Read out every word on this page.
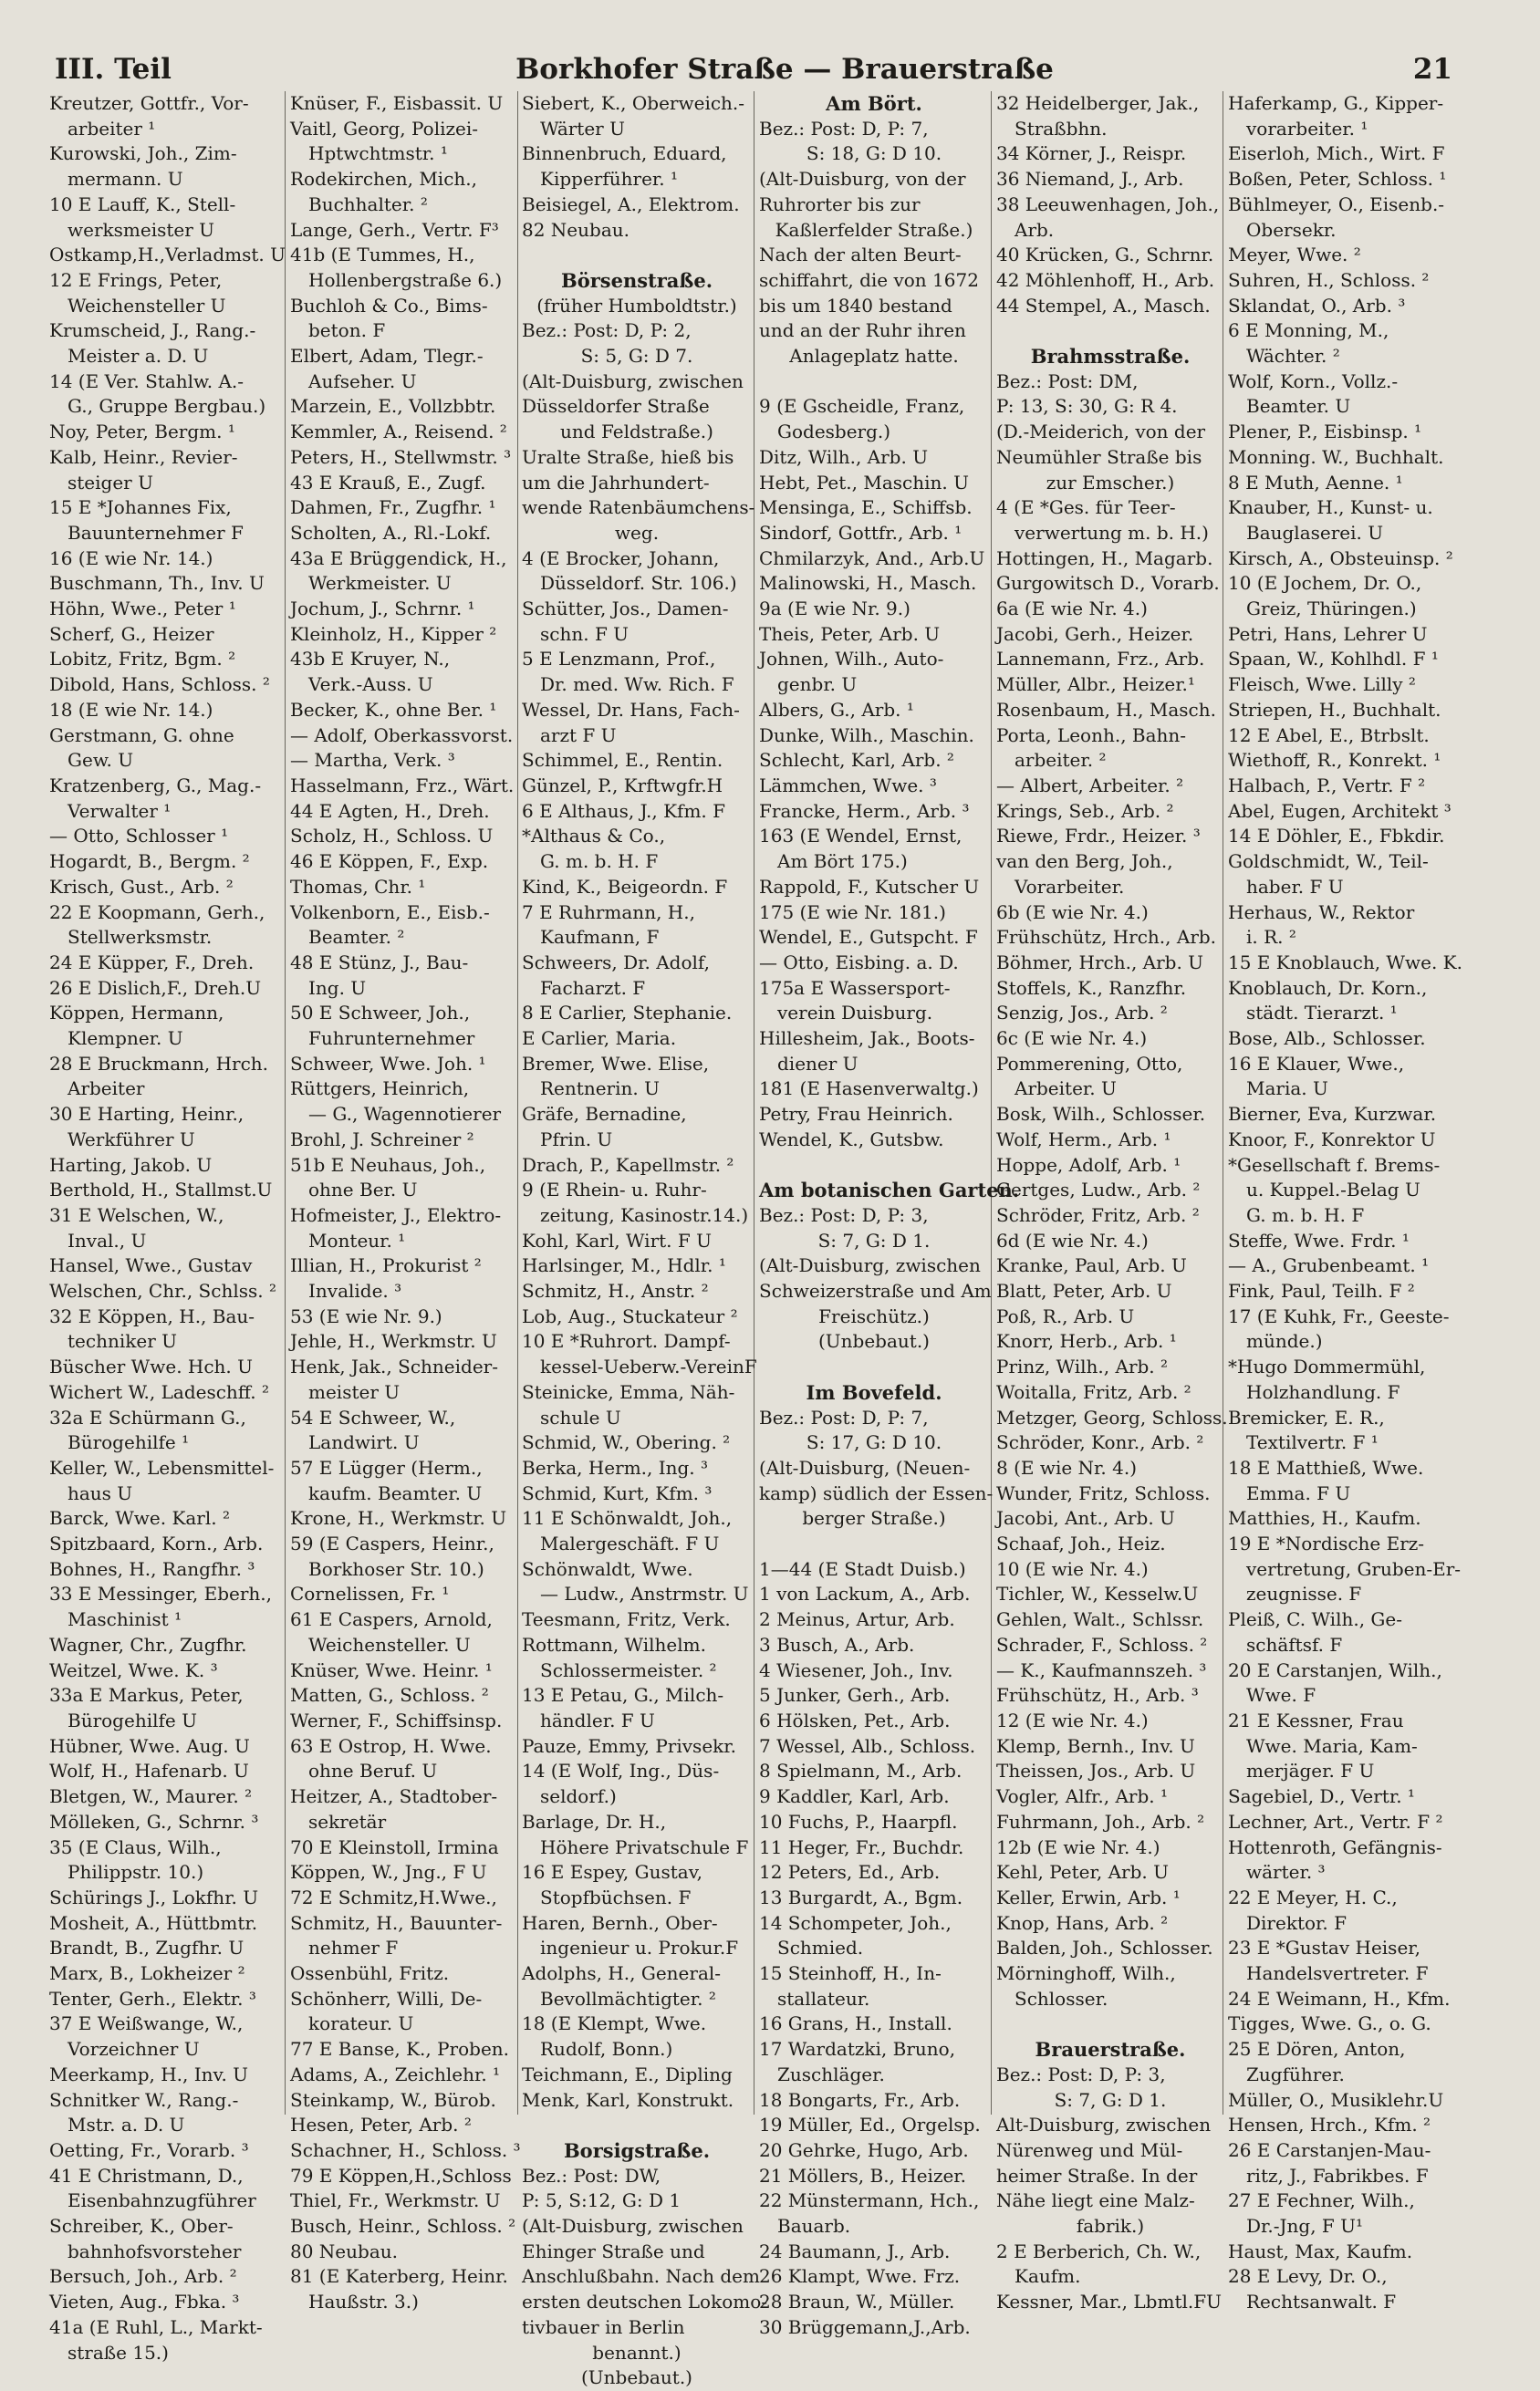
III. Teil	Borkhofer Straße — Brauerstraße	21
Kreutzer, Gottfr., Vor-
arbeiter ¹
Kurowski, Joh., Zim-
mermann. U
10 E Lauff, K., Stell-
werksmeister U
Ostkamp,H.,Verladmst. U
12 E Frings, Peter,
Weichensteller U
Krumscheid, J., Rang.-
Meister a. D. U
14 (E Ver. Stahlw. A.-
G., Gruppe Bergbau.)
Noy, Peter, Bergm. ¹
Kalb, Heinr., Revier-
steiger U
15 E *Johannes Fix,
Bauunternehmer F
16 (E wie Nr. 14.)
Buschmann, Th., Inv. U
Höhn, Wwe., Peter ¹
Scherf, G., Heizer
Lobitz, Fritz, Bgm. ²
Dibold, Hans, Schloss. ²
18 (E wie Nr. 14.)
Gerstmann, G. ohne
Gew. U
Kratzenberg, G., Mag.-
Verwalter ¹
— Otto, Schlosser ¹
Hogardt, B., Bergm. ²
Krisch, Gust., Arb. ²
22 E Koopmann, Gerh.,
Stellwerksmstr.
24 E Küpper, F., Dreh.
26 E Dislich,F., Dreh.U
Köppen, Hermann,
Klempner. U
28 E Bruckmann, Hrch.
Arbeiter
30 E Harting, Heinr.,
Werkführer U
Harting, Jakob. U
Berthold, H., Stallmst.U
31 E Welschen, W.,
Inval., U
Hansel, Wwe., Gustav
Welschen, Chr., Schlss. ²
32 E Köppen, H., Bau-
techniker U
Büscher Wwe. Hch. U
Wichert W., Ladeschff. ²
32a E Schürmann G.,
Bürogehilfe ¹
Keller, W., Lebensmittel-
haus U
Barck, Wwe. Karl. ²
Spitzbaard, Korn., Arb.
Bohnes, H., Rangfhr. ³
33 E Messinger, Eberh.,
Maschinist ¹
Wagner, Chr., Zugfhr.
Weitzel, Wwe. K. ³
33a E Markus, Peter,
Bürogehilfe U
Hübner, Wwe. Aug. U
Wolf, H., Hafenarb. U
Bletgen, W., Maurer. ²
Mölleken, G., Schrnr. ³
35 (E Claus, Wilh.,
Philippstr. 10.)
Schürings J., Lokfhr. U
Mosheit, A., Hüttbmtr.
Brandt, B., Zugfhr. U
Marx, B., Lokheizer ²
Tenter, Gerh., Elektr. ³
37 E Weißwange, W.,
Vorzeichner U
Meerkamp, H., Inv. U
Schnitker W., Rang.-
Mstr. a. D. U
Oetting, Fr., Vorarb. ³
41 E Christmann, D.,
Eisenbahnzugführer
Schreiber, K., Ober-
bahnhofsvorsteher
Bersuch, Joh., Arb. ²
Vieten, Aug., Fbka. ³
41a (E Ruhl, L., Markt-
straße 15.)
Knüser, F., Eisbassit. U
Vaitl, Georg, Polizei-
Hptwchtmstr. ¹
Rodekirchen, Mich.,
Buchhalter. ²
Lange, Gerh., Vertr. F³
41b (E Tummes, H.,
Hollenbergstraße 6.)
Buchloh & Co., Bims-
beton. F
Elbert, Adam, Tlegr.-
Aufseher. U
Marzein, E., Vollzbbtr.
Kemmler, A., Reisend. ²
Peters, H., Stellwmstr. ³
43 E Krauß, E., Zugf.
Dahmen, Fr., Zugfhr. ¹
Scholten, A., Rl.-Lokf.
43a E Brüggendick, H.,
Werkmeister. U
Jochum, J., Schrnr. ¹
Kleinholz, H., Kipper ²
43b E Kruyer, N.,
Verk.-Auss. U
Becker, K., ohne Ber. ¹
— Adolf, Oberkassvorst.
— Martha, Verk. ³
Hasselmann, Frz., Wärt.
44 E Agten, H., Dreh.
Scholz, H., Schloss. U
46 E Köppen, F., Exp.
Thomas, Chr. ¹
Volkenborn, E., Eisb.-
Beamter. ²
48 E Stünz, J., Bau-
Ing. U
50 E Schweer, Joh.,
Fuhrunternehmer
Schweer, Wwe. Joh. ¹
Rüttgers, Heinrich,
— G., Wagennotierer
Brohl, J. Schreiner ²
51b E Neuhaus, Joh.,
ohne Ber. U
Hofmeister, J., Elektro-
Monteur. ¹
Illian, H., Prokurist ²
Invalide. ³
53 (E wie Nr. 9.)
Jehle, H., Werkmstr. U
Henk, Jak., Schneider-
meister U
54 E Schweer, W.,
Landwirt. U
57 E Lügger (Herm.,
kaufm. Beamter. U
Krone, H., Werkmstr. U
59 (E Caspers, Heinr.,
Borkhoser Str. 10.)
Cornelissen, Fr. ¹
61 E Caspers, Arnold,
Weichensteller. U
Knüser, Wwe. Heinr. ¹
Matten, G., Schloss. ²
Werner, F., Schiffsinsp.
63 E Ostrop, H. Wwe.
ohne Beruf. U
Heitzer, A., Stadtober-
sekretär
70 E Kleinstoll, Irmina
Köppen, W., Jng., F U
72 E Schmitz,H.Wwe.,
Schmitz, H., Bauunter-
nehmer F
Ossenbühl, Fritz.
Schönherr, Willi, De-
korateur. U
77 E Banse, K., Proben.
Adams, A., Zeichlehr. ¹
Steinkamp, W., Bürob.
Hesen, Peter, Arb. ²
Schachner, H., Schloss. ³
79 E Köppen,H.,Schloss
Thiel, Fr., Werkmstr. U
Busch, Heinr., Schloss. ²
80 Neubau.
81 (E Katerberg, Heinr.
Haußstr. 3.)
Siebert, K., Oberweich.-
Wärter U
Binnenbruch, Eduard,
Kipperführer. ¹
Beisiegel, A., Elektrom.
82 Neubau.

Börsenstraße.
(früher Humboldtstr.)
Bez.: Post: D, P: 2,
S: 5, G: D 7.
(Alt-Duisburg, zwischen
Düsseldorfer Straße
und Feldstraße.)
Uralte Straße, hieß bis
um die Jahrhundert-
wende Ratenbäumchens-
weg.
4 (E Brocker, Johann,
Düsseldorf. Str. 106.)
Schütter, Jos., Damen-
schn. F U
5 E Lenzmann, Prof.,
Dr. med. Ww. Rich. F
Wessel, Dr. Hans, Fach-
arzt F U
Schimmel, E., Rentin.
Günzel, P., Krftwgfr.H
6 E Althaus, J., Kfm. F
*Althaus & Co.,
G. m. b. H. F
Kind, K., Beigeordn. F
7 E Ruhrmann, H.,
Kaufmann, F
Schweers, Dr. Adolf,
Facharzt. F
8 E Carlier, Stephanie.
E Carlier, Maria.
Bremer, Wwe. Elise,
Rentnerin. U
Gräfe, Bernadine,
Pfrin. U
Drach, P., Kapellmstr. ²
9 (E Rhein- u. Ruhr-
zeitung, Kasinostr.14.)
Kohl, Karl, Wirt. F U
Harlsinger, M., Hdlr. ¹
Schmitz, H., Anstr. ²
Lob, Aug., Stuckateur ²
10 E *Ruhrort. Dampf-
kessel-Ueberw.-VereinF
Steinicke, Emma, Näh-
schule U
Schmid, W., Obering. ²
Berka, Herm., Ing. ³
Schmid, Kurt, Kfm. ³
11 E Schönwaldt, Joh.,
Malergeschäft. F U
Schönwaldt, Wwe.
— Ludw., Anstrmstr. U
Teesmann, Fritz, Verk.
Rottmann, Wilhelm.
Schlossermeister. ²
13 E Petau, G., Milch-
händler. F U
Pauze, Emmy, Privsekr.
14 (E Wolf, Ing., Düs-
seldorf.)
Barlage, Dr. H.,
Höhere Privatschule F
16 E Espey, Gustav,
Stopfbüchsen. F
Haren, Bernh., Ober-
ingenieur u. Prokur.F
Adolphs, H., General-
Bevollmächtigter. ²
18 (E Klempt, Wwe.
Rudolf, Bonn.)
Teichmann, E., Dipling
Menk, Karl, Konstrukt.

Borsigstraße.
Bez.: Post: DW,
P: 5, S:12, G: D 1
(Alt-Duisburg, zwischen
Ehinger Straße und
Anschlußbahn. Nach dem
ersten deutschen Lokomo-
tivbauer in Berlin
benannt.)
(Unbebaut.)
Am Bört.
Bez.: Post: D, P: 7,
S: 18, G: D 10.
(Alt-Duisburg, von der
Ruhrorter bis zur
Kaßlerfelder Straße.)
Nach der alten Beurt-
schiffahrt, die von 1672
bis um 1840 bestand
und an der Ruhr ihren
Anlageplatz hatte.

9 (E Gscheidle, Franz,
Godesberg.)
Ditz, Wilh., Arb. U
Hebt, Pet., Maschin. U
Mensinga, E., Schiffsb.
Sindorf, Gottfr., Arb. ¹
Chmilarzyk, And., Arb.U
Malinowski, H., Masch.
9a (E wie Nr. 9.)
Theis, Peter, Arb. U
Johnen, Wilh., Auto-
genbr. U
Albers, G., Arb. ¹
Dunke, Wilh., Maschin.
Schlecht, Karl, Arb. ²
Lämmchen, Wwe. ³
Francke, Herm., Arb. ³
163 (E Wendel, Ernst,
Am Bört 175.)
Rappold, F., Kutscher U
175 (E wie Nr. 181.)
Wendel, E., Gutspcht. F
— Otto, Eisbing. a. D.
175a E Wassersport-
verein Duisburg.
Hillesheim, Jak., Boots-
diener U
181 (E Hasenverwaltg.)
Petry, Frau Heinrich.
Wendel, K., Gutsbw.

Am botanischen Garten.
Bez.: Post: D, P: 3,
S: 7, G: D 1.
(Alt-Duisburg, zwischen
Schweizerstraße und Am
Freischütz.)
(Unbebaut.)

Im Bovefeld.
Bez.: Post: D, P: 7,
S: 17, G: D 10.
(Alt-Duisburg, (Neuen-
kamp) südlich der Essen-
berger Straße.)

1—44 (E Stadt Duisb.)
1 von Lackum, A., Arb.
2 Meinus, Artur, Arb.
3 Busch, A., Arb.
4 Wiesener, Joh., Inv.
5 Junker, Gerh., Arb.
6 Hölsken, Pet., Arb.
7 Wessel, Alb., Schloss.
8 Spielmann, M., Arb.
9 Kaddler, Karl, Arb.
10 Fuchs, P., Haarpfl.
11 Heger, Fr., Buchdr.
12 Peters, Ed., Arb.
13 Burgardt, A., Bgm.
14 Schompeter, Joh.,
Schmied.
15 Steinhoff, H., In-
stallateur.
16 Grans, H., Install.
17 Wardatzki, Bruno,
Zuschläger.
18 Bongarts, Fr., Arb.
19 Müller, Ed., Orgelsp.
20 Gehrke, Hugo, Arb.
21 Möllers, B., Heizer.
22 Münstermann, Hch.,
Bauarb.
24 Baumann, J., Arb.
26 Klampt, Wwe. Frz.
28 Braun, W., Müller.
30 Brüggemann,J.,Arb.
32 Heidelberger, Jak.,
Straßbhn.
34 Körner, J., Reispr.
36 Niemand, J., Arb.
38 Leeuwenhagen, Joh.,
Arb.
40 Krücken, G., Schrnr.
42 Möhlenhoff, H., Arb.
44 Stempel, A., Masch.

Brahmsstraße.
Bez.: Post: DM,
P: 13, S: 30, G: R 4.
(D.-Meiderich, von der
Neumühler Straße bis
zur Emscher.)
4 (E *Ges. für Teer-
verwertung m. b. H.)
Hottingen, H., Magarb.
Gurgowitsch D., Vorarb.
6a (E wie Nr. 4.)
Jacobi, Gerh., Heizer.
Lannemann, Frz., Arb.
Müller, Albr., Heizer.¹
Rosenbaum, H., Masch.
Porta, Leonh., Bahn-
arbeiter. ²
— Albert, Arbeiter. ²
Krings, Seb., Arb. ²
Riewe, Frdr., Heizer. ³
van den Berg, Joh.,
Vorarbeiter.
6b (E wie Nr. 4.)
Frühschütz, Hrch., Arb.
Böhmer, Hrch., Arb. U
Stoffels, K., Ranzfhr.
Senzig, Jos., Arb. ²
6c (E wie Nr. 4.)
Pommerening, Otto,
Arbeiter. U
Bosk, Wilh., Schlosser.
Wolf, Herm., Arb. ¹
Hoppe, Adolf, Arb. ¹
Gertges, Ludw., Arb. ²
Schröder, Fritz, Arb. ²
6d (E wie Nr. 4.)
Kranke, Paul, Arb. U
Blatt, Peter, Arb. U
Poß, R., Arb. U
Knorr, Herb., Arb. ¹
Prinz, Wilh., Arb. ²
Woitalla, Fritz, Arb. ²
Metzger, Georg, Schloss.
Schröder, Konr., Arb. ²
8 (E wie Nr. 4.)
Wunder, Fritz, Schloss.
Jacobi, Ant., Arb. U
Schaaf, Joh., Heiz.
10 (E wie Nr. 4.)
Tichler, W., Kesselw.U
Gehlen, Walt., Schlssr.
Schrader, F., Schloss. ²
— K., Kaufmannszeh. ³
Frühschütz, H., Arb. ³
12 (E wie Nr. 4.)
Klemp, Bernh., Inv. U
Theissen, Jos., Arb. U
Vogler, Alfr., Arb. ¹
Fuhrmann, Joh., Arb. ²
12b (E wie Nr. 4.)
Kehl, Peter, Arb. U
Keller, Erwin, Arb. ¹
Knop, Hans, Arb. ²
Balden, Joh., Schlosser.
Mörninghoff, Wilh.,
Schlosser.

Brauerstraße.
Bez.: Post: D, P: 3,
S: 7, G: D 1.
Alt-Duisburg, zwischen
Nürenweg und Mül-
heimer Straße. In der
Nähe liegt eine Malz-
fabrik.)
2 E Berberich, Ch. W.,
Kaufm.
Kessner, Mar., Lbmtl.FU
Haferkamp, G., Kipper-
vorarbeiter. ¹
Eiserloh, Mich., Wirt. F
Boßen, Peter, Schloss. ¹
Bühlmeyer, O., Eisenb.-
Obersekr.
Meyer, Wwe. ²
Suhren, H., Schloss. ²
Sklandat, O., Arb. ³
6 E Monning, M.,
Wächter. ²
Wolf, Korn., Vollz.-
Beamter. U
Plener, P., Eisbinsp. ¹
Monning. W., Buchhalt.
8 E Muth, Aenne. ¹
Knauber, H., Kunst- u.
Bauglaserei. U
Kirsch, A., Obsteuinsp. ²
10 (E Jochem, Dr. O.,
Greiz, Thüringen.)
Petri, Hans, Lehrer U
Spaan, W., Kohlhdl. F ¹
Fleisch, Wwe. Lilly ²
Striepen, H., Buchhalt.
12 E Abel, E., Btrbslt.
Wiethoff, R., Konrekt. ¹
Halbach, P., Vertr. F ²
Abel, Eugen, Architekt ³
14 E Döhler, E., Fbkdir.
Goldschmidt, W., Teil-
haber. F U
Herhaus, W., Rektor
i. R. ²
15 E Knoblauch, Wwe. K.
Knoblauch, Dr. Korn.,
städt. Tierarzt. ¹
Bose, Alb., Schlosser.
16 E Klauer, Wwe.,
Maria. U
Bierner, Eva, Kurzwar.
Knoor, F., Konrektor U
*Gesellschaft f. Brems-
u. Kuppel.-Belag U
G. m. b. H. F
Steffe, Wwe. Frdr. ¹
— A., Grubenbeamt. ¹
Fink, Paul, Teilh. F ²
17 (E Kuhk, Fr., Geeste-
münde.)
*Hugo Dommermühl,
Holzhandlung. F
Bremicker, E. R.,
Textilvertr. F ¹
18 E Matthieß, Wwe.
Emma. F U
Matthies, H., Kaufm.
19 E *Nordische Erz-
vertretung, Gruben-Er-
zeugnisse. F
Pleiß, C. Wilh., Ge-
schäftsf. F
20 E Carstanjen, Wilh.,
Wwe. F
21 E Kessner, Frau
Wwe. Maria, Kam-
merjäger. F U
Sagebiel, D., Vertr. ¹
Lechner, Art., Vertr. F ²
Hottenroth, Gefängnis-
wärter. ³
22 E Meyer, H. C.,
Direktor. F
23 E *Gustav Heiser,
Handelsvertreter. F
24 E Weimann, H., Kfm.
Tigges, Wwe. G., o. G.
25 E Dören, Anton,
Zugführer.
Müller, O., Musiklehr.U
Hensen, Hrch., Kfm. ²
26 E Carstanjen-Mau-
ritz, J., Fabrikbes. F
27 E Fechner, Wilh.,
Dr.-Jng, F U¹
Haust, Max, Kaufm.
28 E Levy, Dr. O.,
Rechtsanwalt. F
